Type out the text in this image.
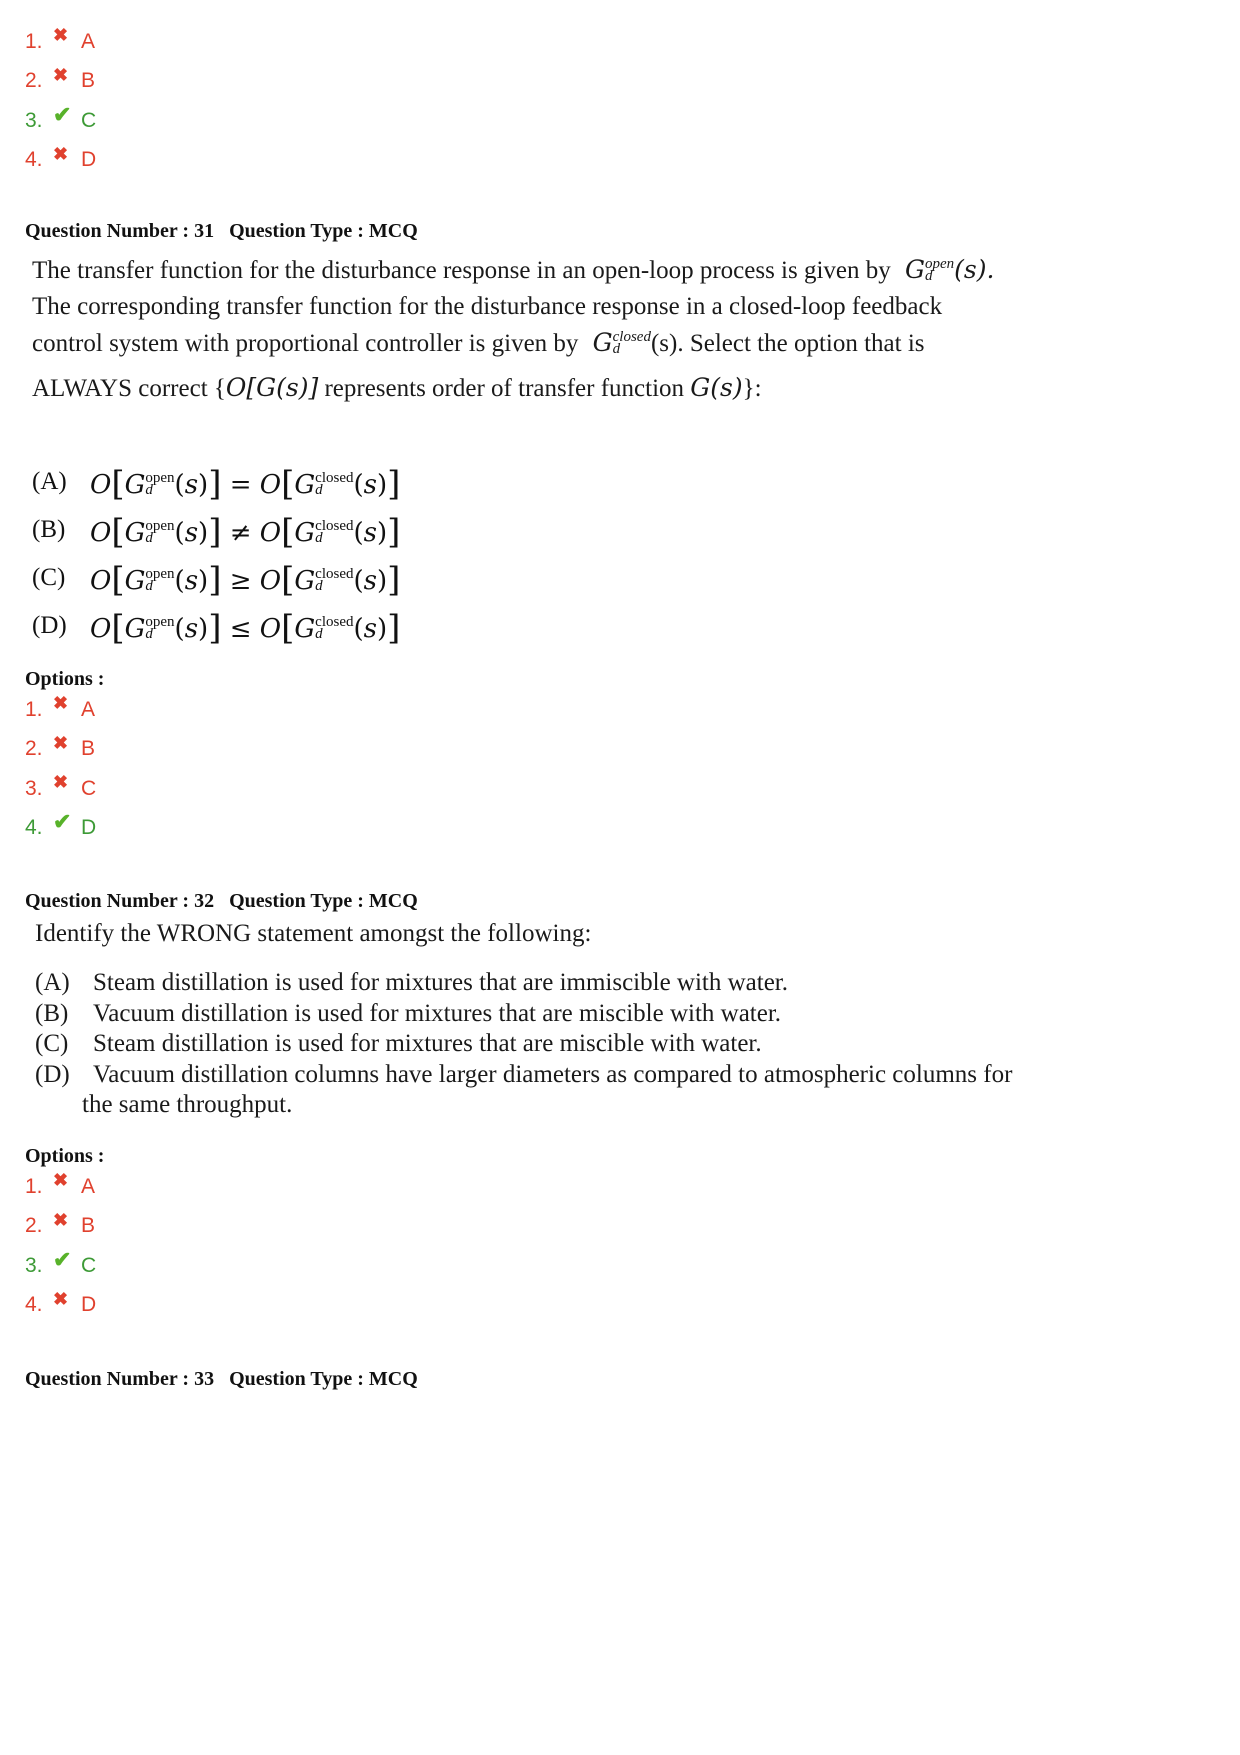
1. ✖ A
2. ✖ B
3. ✔ C
4. ✖ D
Question Number : 31 Question Type : MCQ
The transfer function for the disturbance response in an open-loop process is given by G open
d (s).
The corresponding transfer function for the disturbance response in a closed-loop feedback
control system with proportional controller is given by G closed
d	(s). Select the option that is
ALWAYS correct {O[G(s)] represents order of transfer function G(s)}:
(A) O[G open
d (s)] = O[G closed
d	(s)]
(B) O[G open
d (s)] ≠ O[G closed
d	(s)]
(C) O[G open
d (s)] ≥ O[G closed
d	(s)]
(D) O[G open
d (s)] ≤ O[G closed
d	(s)]
Options :
1. ✖ A
2. ✖ B
3. ✖ C
4. ✔ D
Question Number : 32 Question Type : MCQ
Identify the WRONG statement amongst the following:
(A) Steam distillation is used for mixtures that are immiscible with water.
(B) Vacuum distillation is used for mixtures that are miscible with water.
(C) Steam distillation is used for mixtures that are miscible with water.
(D) Vacuum distillation columns have larger diameters as compared to atmospheric columns for
the same throughput.
Options :
1. ✖ A
2. ✖ B
3. ✔ C
4. ✖ D
Question Number : 33 Question Type : MCQ
